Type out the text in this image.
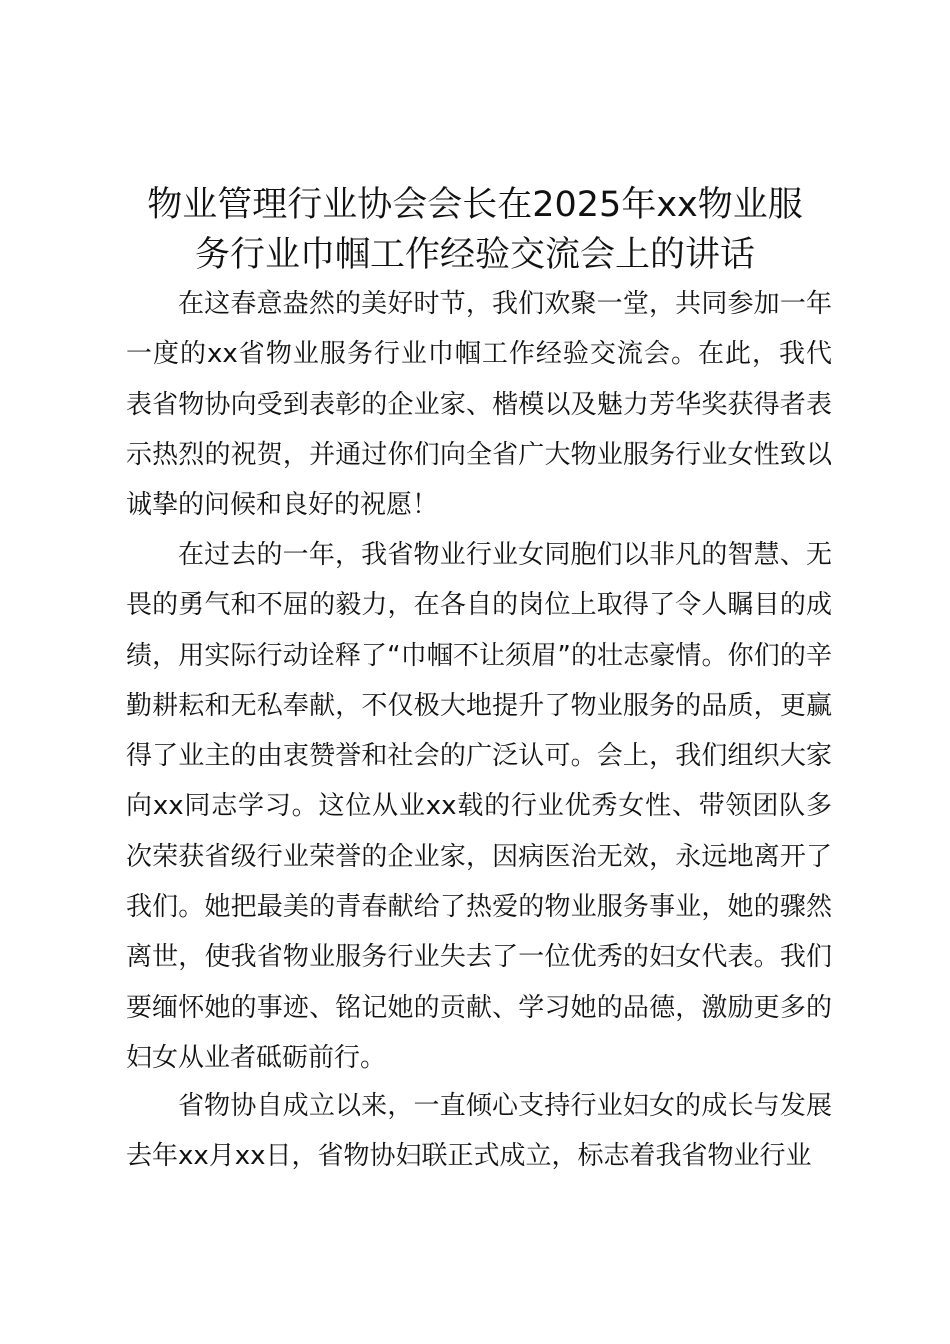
物业管理行业协会会长在2025年xx物业服
务行业巾帼工作经验交流会上的讲话

在这春意盎然的美好时节，我们欢聚一堂，共同参加一年一度的xx省物业服务行业巾帼工作经验交流会。在此，我代表省物协向受到表彰的企业家、楷模以及魅力芳华奖获得者表示热烈的祝贺，并通过你们向全省广大物业服务行业女性致以诚挚的问候和良好的祝愿！

在过去的一年，我省物业行业女同胞们以非凡的智慧、无畏的勇气和不屈的毅力，在各自的岗位上取得了令人瞩目的成绩，用实际行动诠释了“巾帼不让须眉”的壮志豪情。你们的辛勤耕耘和无私奉献，不仅极大地提升了物业服务的品质，更赢得了业主的由衷赞誉和社会的广泛认可。会上，我们组织大家向xx同志学习。这位从业xx载的行业优秀女性、带领团队多次荣获省级行业荣誉的企业家，因病医治无效，永远地离开了我们。她把最美的青春献给了热爱的物业服务事业，她的骤然离世，使我省物业服务行业失去了一位优秀的妇女代表。我们要缅怀她的事迹、铭记她的贡献、学习她的品德，激励更多的妇女从业者砥砺前行。

省物协自成立以来，一直倾心支持行业妇女的成长与发展去年xx月xx日，省物协妇联正式成立，标志着我省物业行业
